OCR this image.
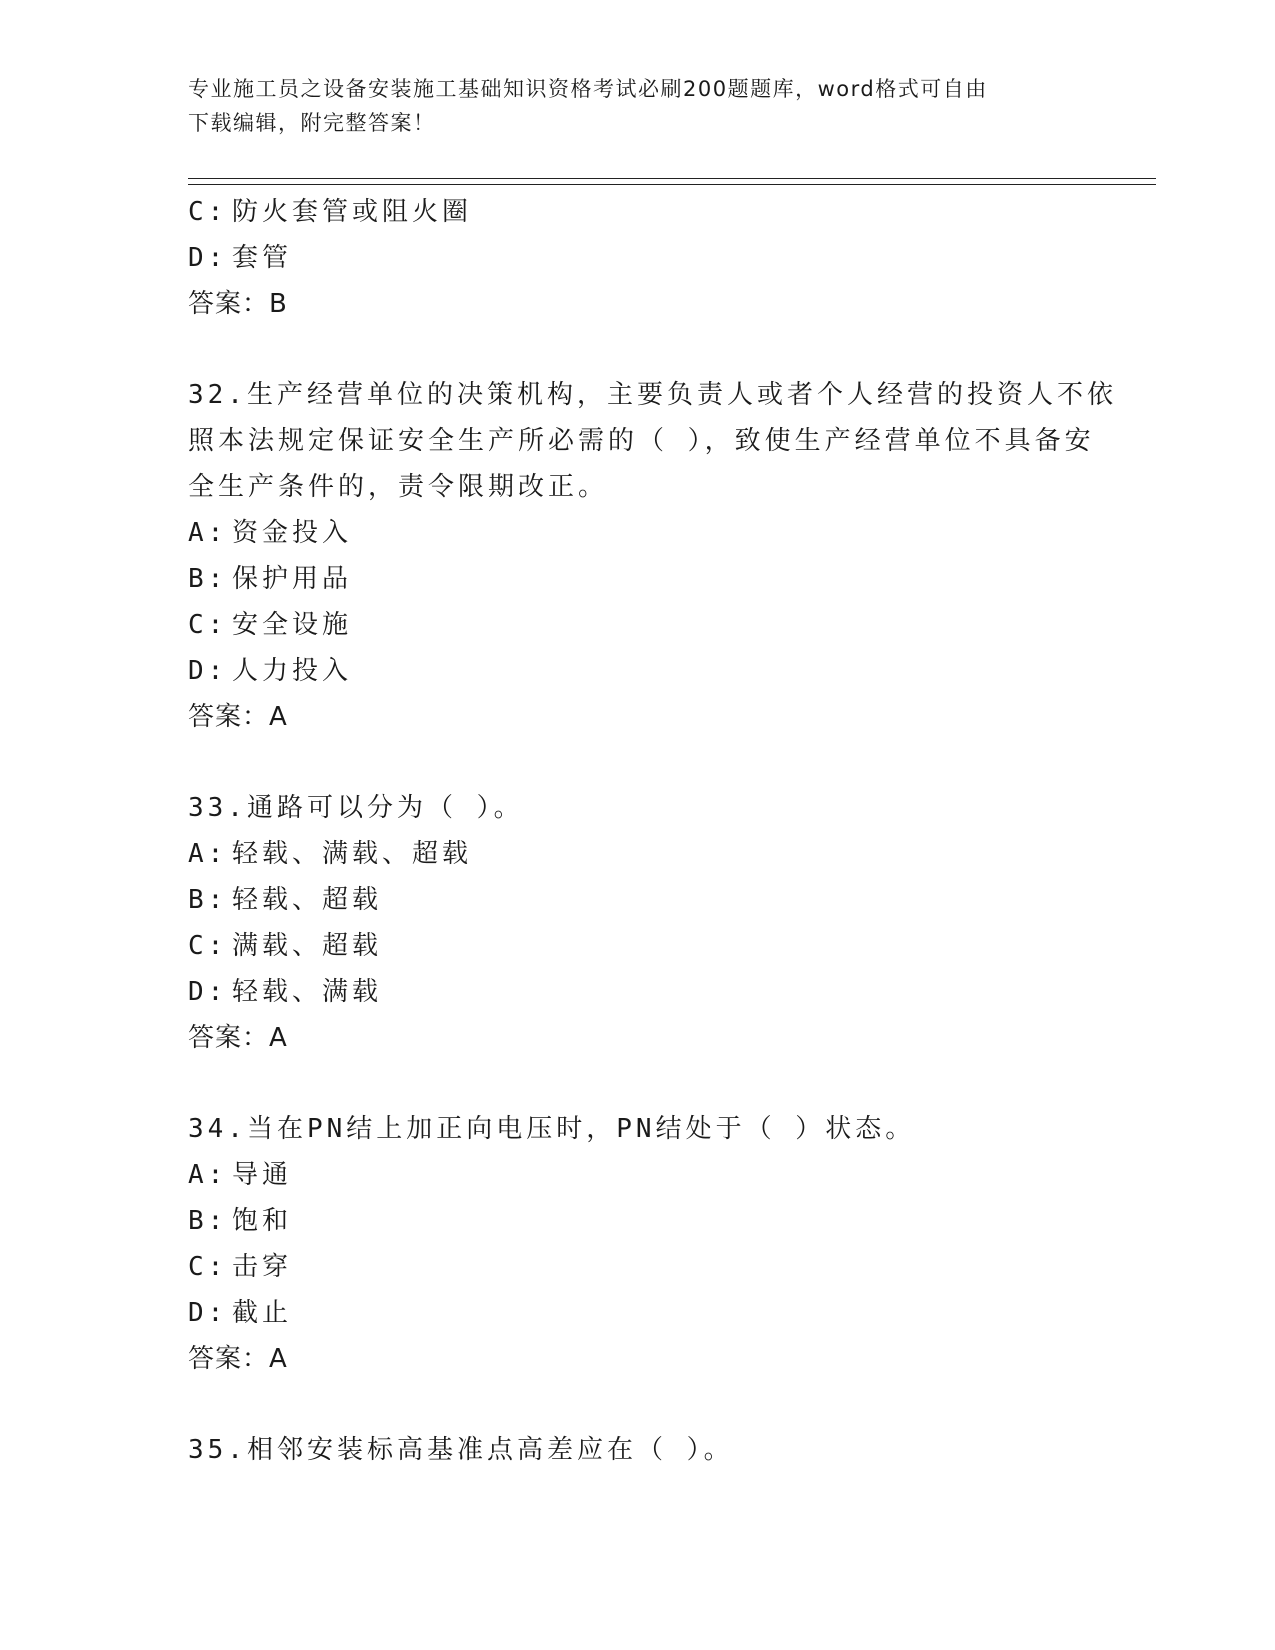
专业施工员之设备安装施工基础知识资格考试必刷200题题库，word格式可自由
下载编辑，附完整答案！
C: 防火套管或阻火圈
D: 套管
答案：B
32.生产经营单位的决策机构，主要负责人或者个人经营的投资人不依
照本法规定保证安全生产所必需的（ ），致使生产经营单位不具备安
全生产条件的，责令限期改正。
A: 资金投入
B: 保护用品
C: 安全设施
D: 人力投入
答案：A
33.通路可以分为（ ）。
A: 轻载、满载、超载
B: 轻载、超载
C: 满载、超载
D: 轻载、满载
答案：A
34.当在PN结上加正向电压时，PN结处于（ ）状态。
A: 导通
B: 饱和
C: 击穿
D: 截止
答案：A
35.相邻安装标高基准点高差应在（ ）。
